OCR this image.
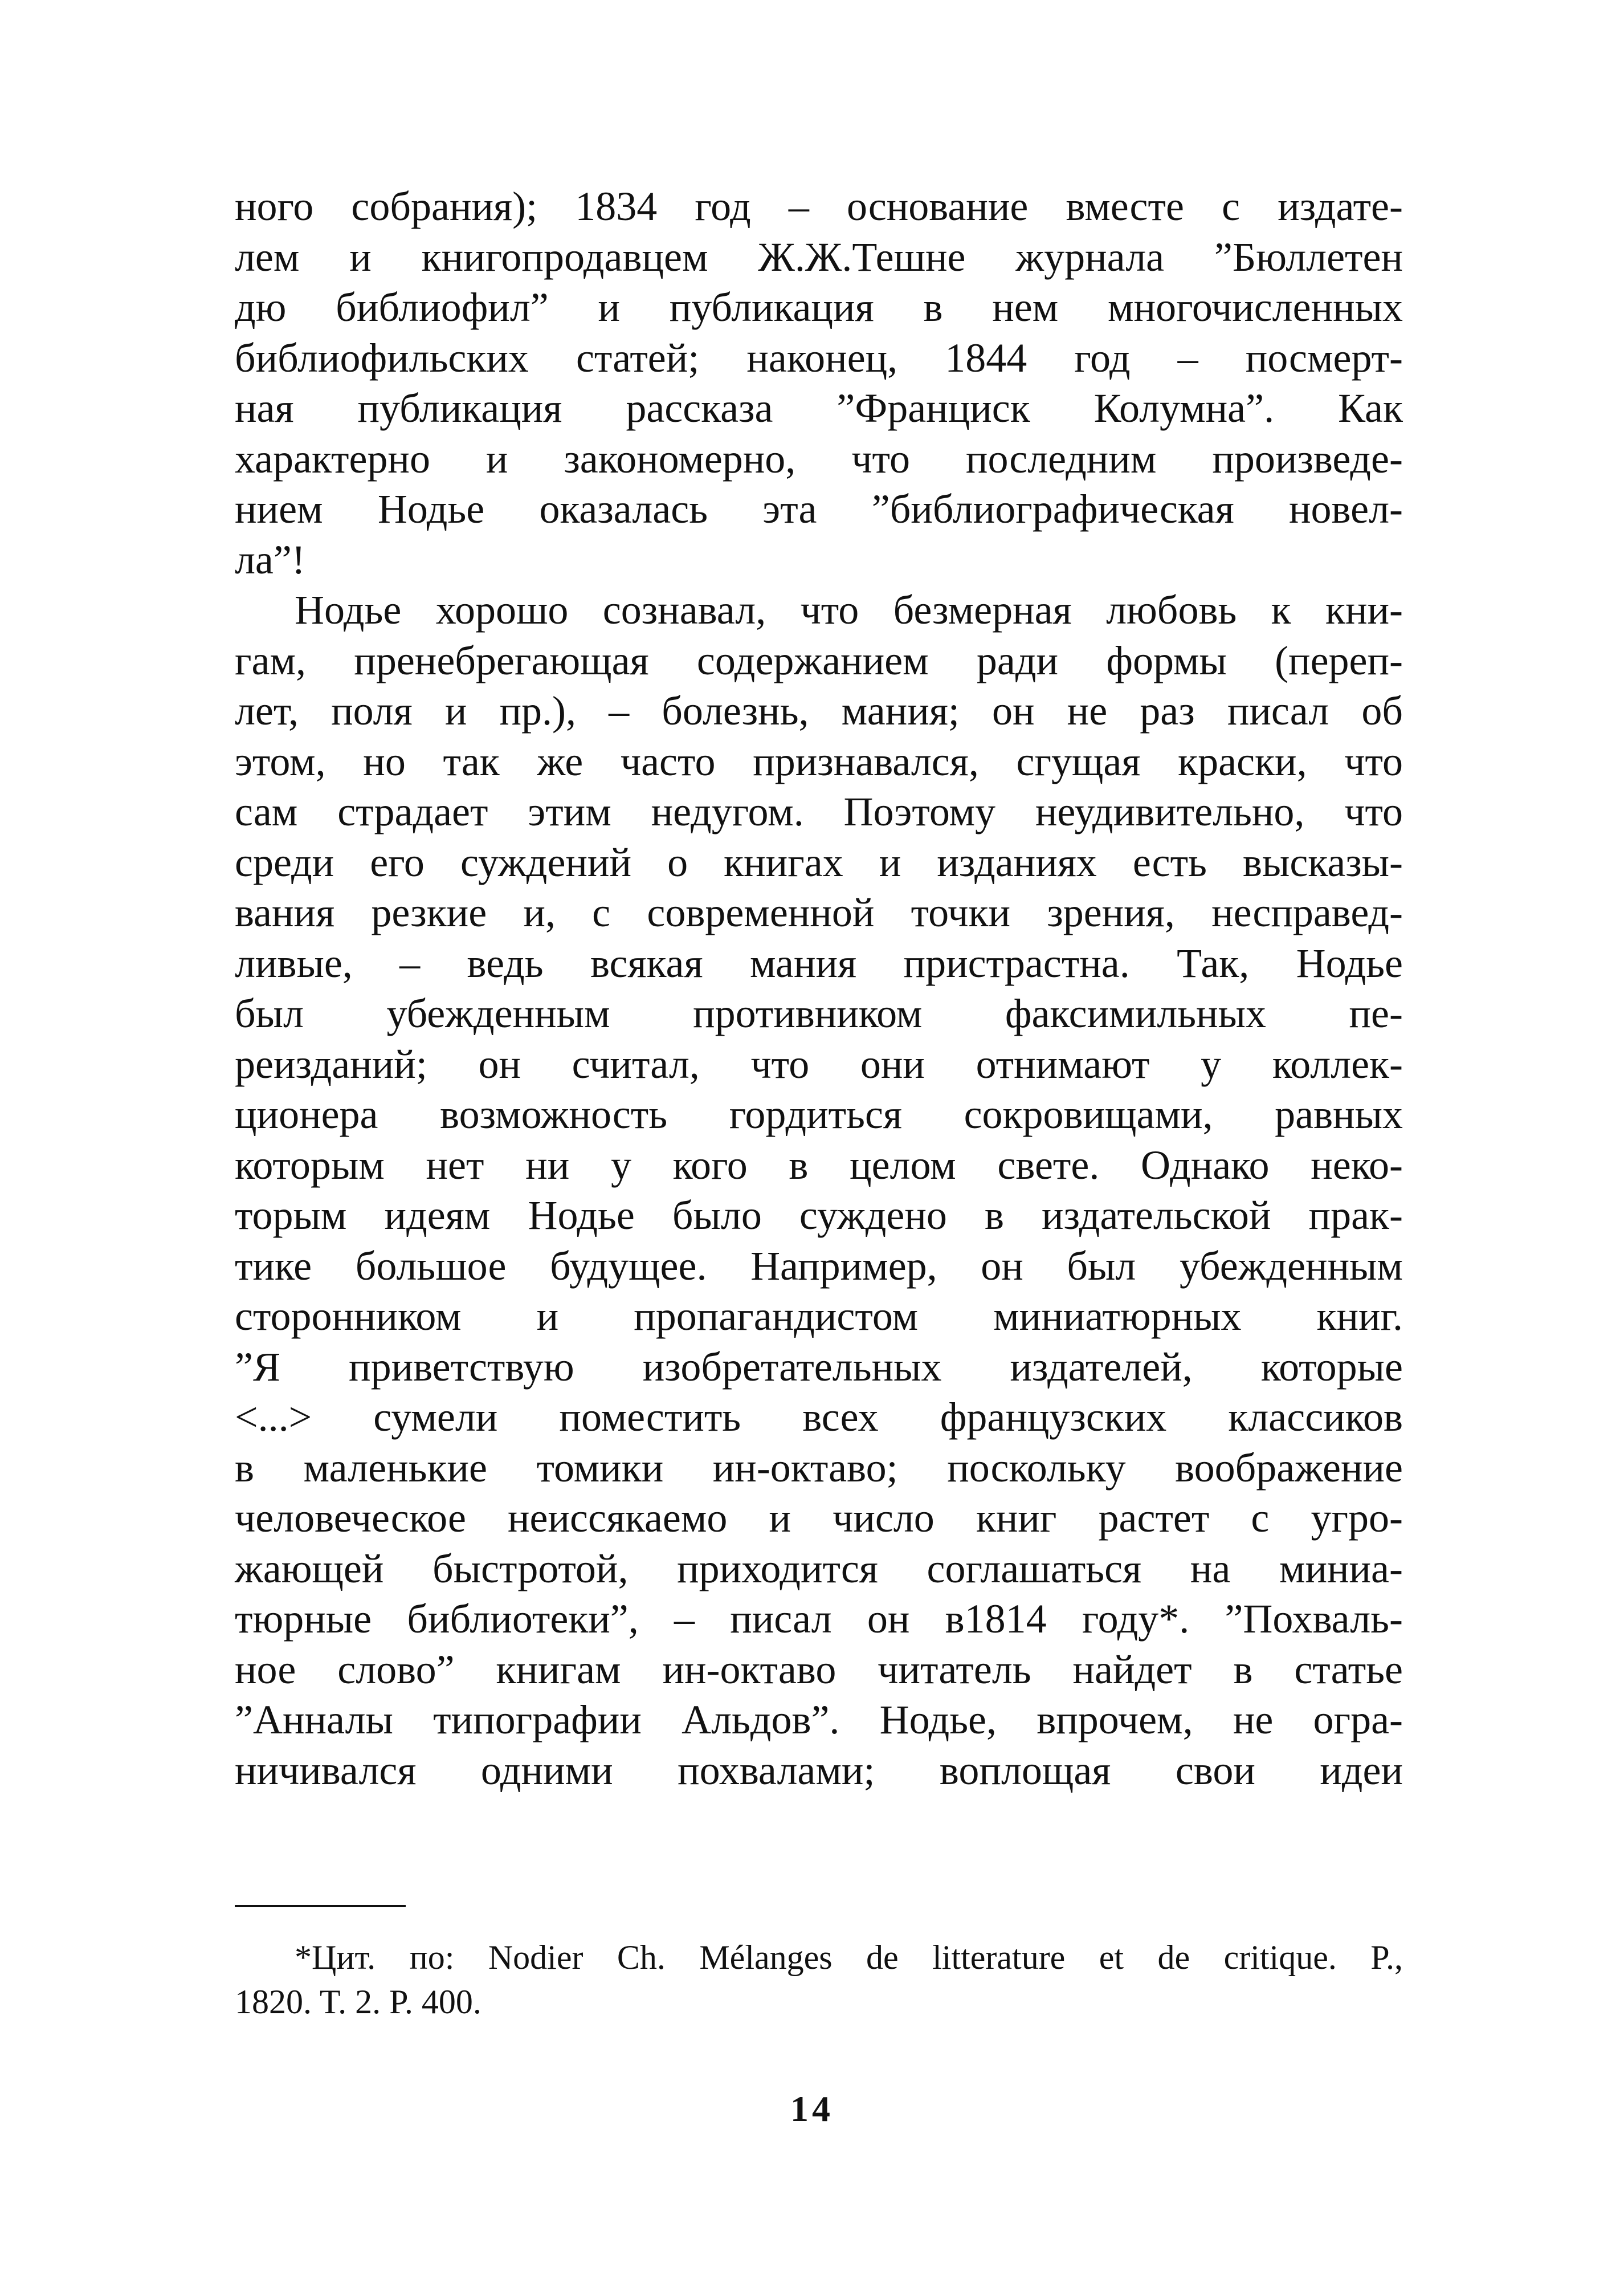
ного собрания); 1834 год – основание вместе с издате-
лем и книгопродавцем Ж.Ж.Тешне журнала ”Бюллетен
дю библиофил” и публикация в нем многочисленных
библиофильских статей; наконец, 1844 год – посмерт-
ная публикация рассказа ”Франциск Колумна”. Как
характерно и закономерно, что последним произведе-
нием Нодье оказалась эта ”библиографическая новел-
ла”!
Нодье хорошо сознавал, что безмерная любовь к кни-
гам, пренебрегающая содержанием ради формы (переп-
лет, поля и пр.), – болезнь, мания; он не раз писал об
этом, но так же часто признавался, сгущая краски, что
сам страдает этим недугом. Поэтому неудивительно, что
среди его суждений о книгах и изданиях есть высказы-
вания резкие и, с современной точки зрения, несправед-
ливые, – ведь всякая мания пристрастна. Так, Нодье
был убежденным противником факсимильных пе-
реизданий; он считал, что они отнимают у коллек-
ционера возможность гордиться сокровищами, равных
которым нет ни у кого в целом свете. Однако неко-
торым идеям Нодье было суждено в издательской прак-
тике большое будущее. Например, он был убежденным
сторонником и пропагандистом миниатюрных книг.
”Я приветствую изобретательных издателей, которые
<...> сумели поместить всех французских классиков
в маленькие томики ин-октаво; поскольку воображение
человеческое неиссякаемо и число книг растет с угро-
жающей быстротой, приходится соглашаться на миниа-
тюрные библиотеки”, – писал он в1814 году*. ”Похваль-
ное слово” книгам ин-октаво читатель найдет в статье
”Анналы типографии Альдов”. Нодье, впрочем, не огра-
ничивался одними похвалами; воплощая свои идеи
*Цит. по: Nodier Ch. Mélanges de litterature et de critique. P.,
1820. T. 2. P. 400.
14
